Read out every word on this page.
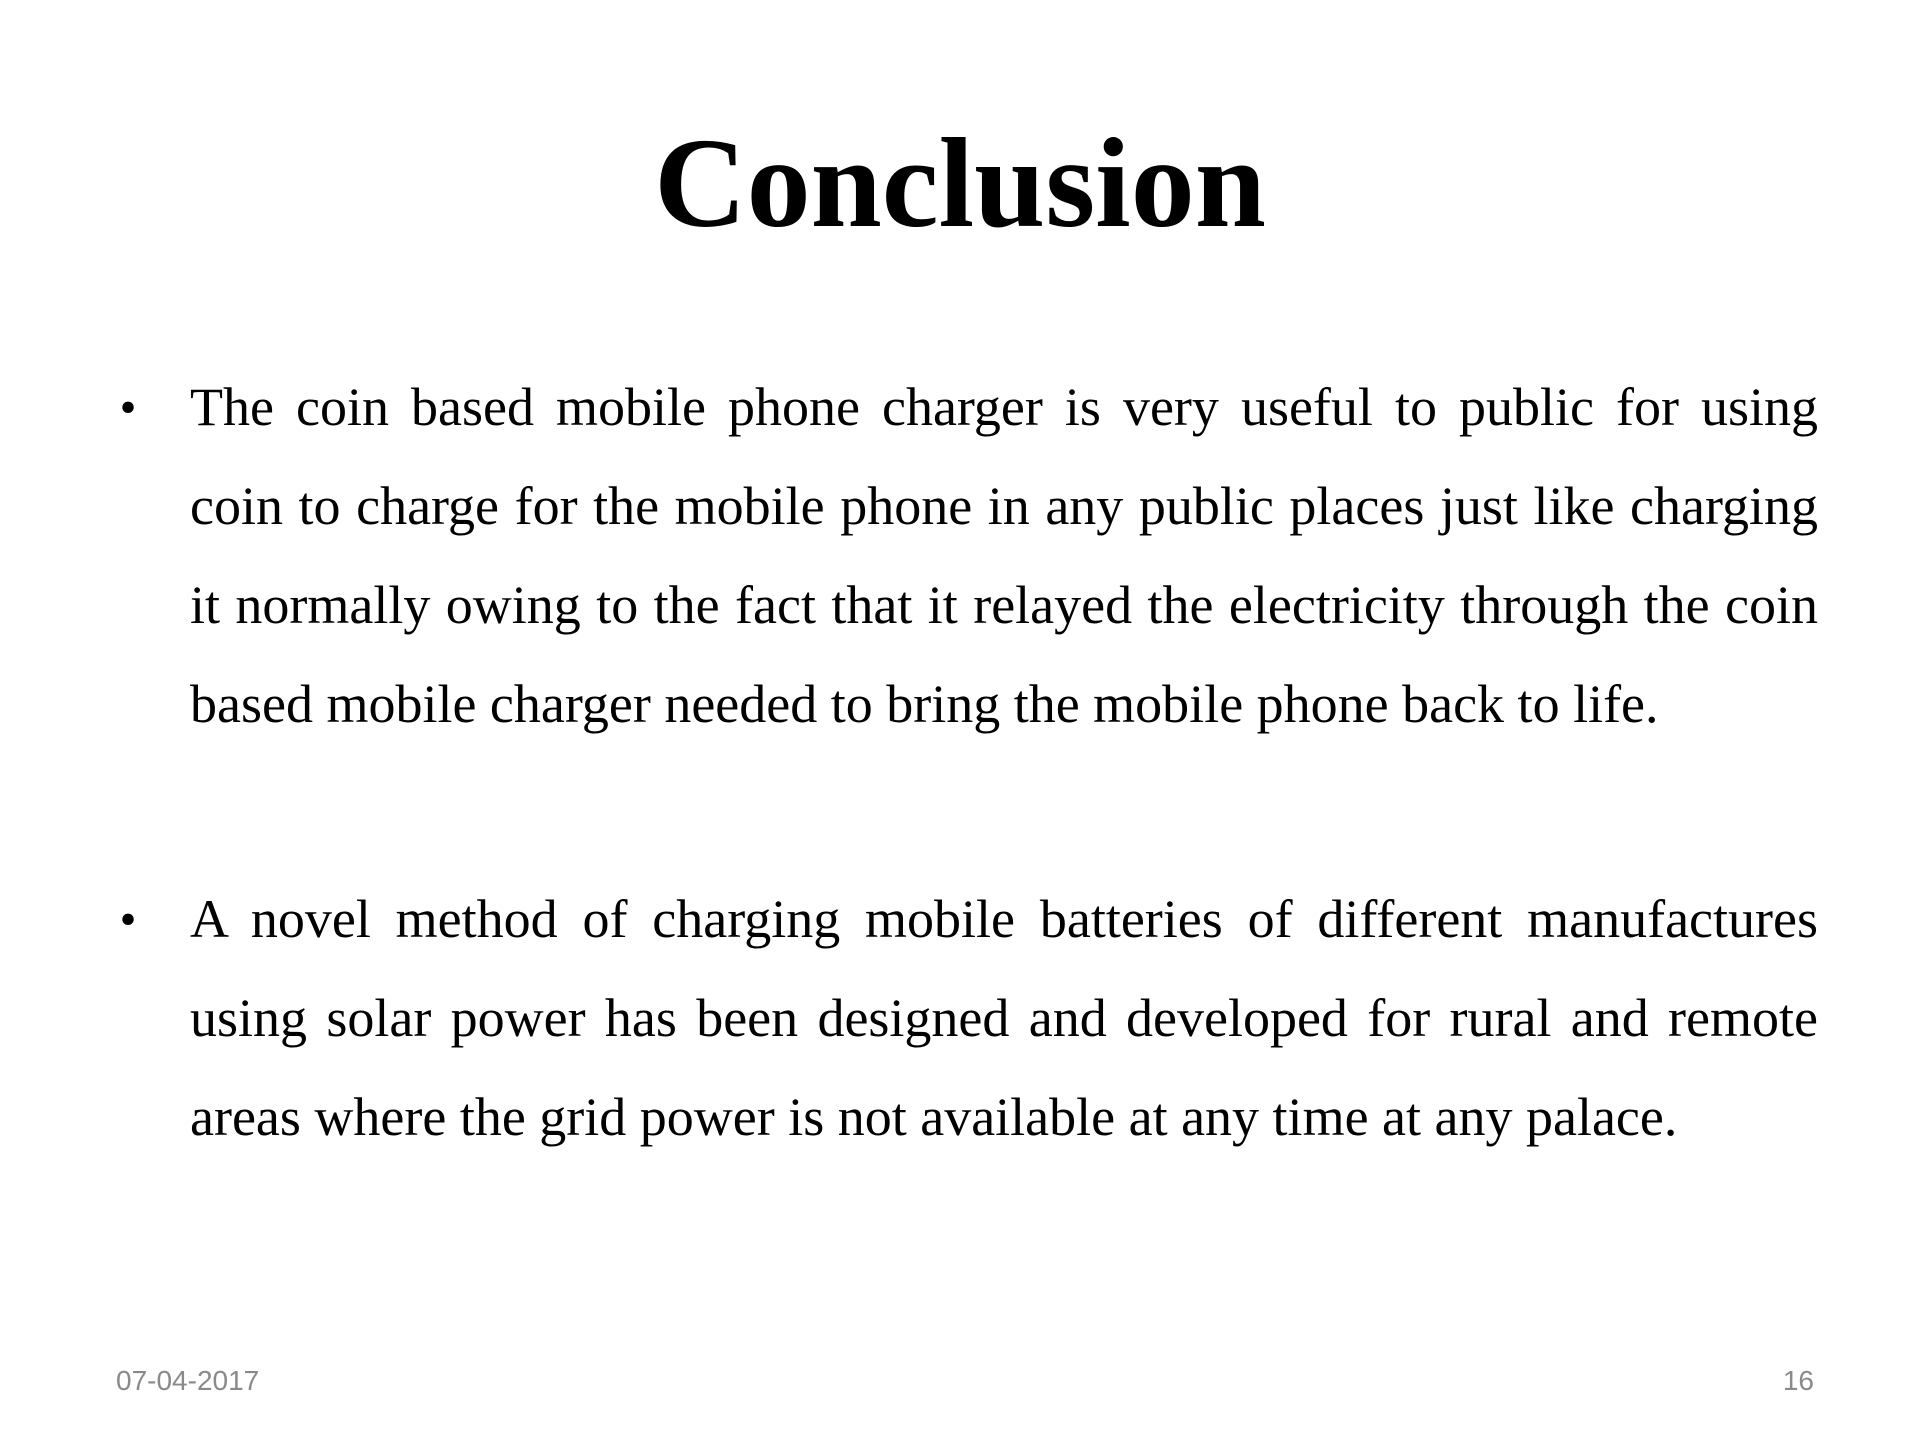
Conclusion
• The coin based mobile phone charger is very useful to public for using coin to charge for the mobile phone in any public places just like charging it normally owing to the fact that it relayed the electricity through the coin based mobile charger needed to bring the mobile phone back to life.

• A novel method of charging mobile batteries of different manufactures using solar power has been designed and developed for rural and remote areas where the grid power is not available at any time at any palace.

07-04-2017	16
